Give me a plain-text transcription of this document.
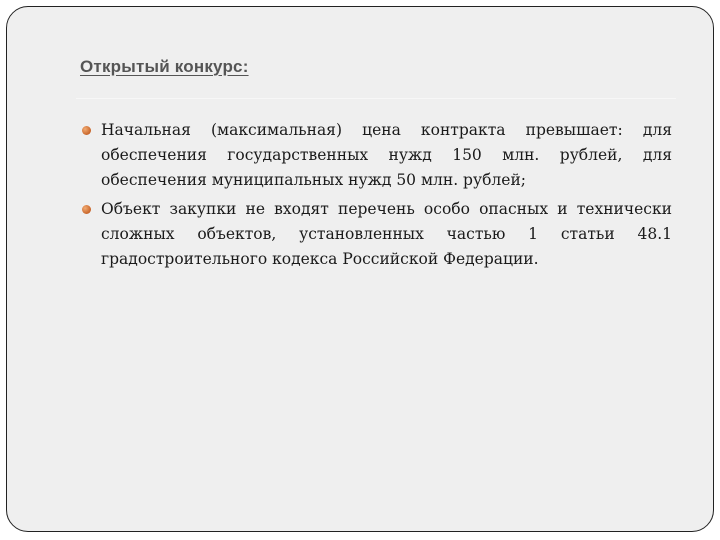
Открытый конкурс:
Начальная (максимальная) цена контракта превышает: для обеспечения государственных нужд 150 млн. рублей, для обеспечения муниципальных нужд 50 млн. рублей;
Объект закупки не входят перечень особо опасных и технически сложных объектов, установленных частью 1 статьи 48.1 градостроительного кодекса Российской Федерации.
